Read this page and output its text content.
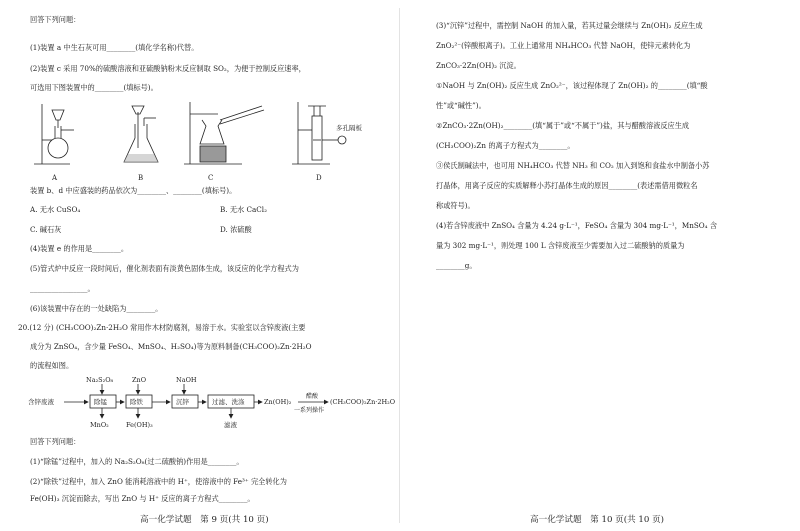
回答下列问题：
(1)装置 a 中生石灰可用________(填化学名称)代替。
(2)装置 c 采用 70%的硫酸溶液和亚硫酸钠粉末反应制取 SO₂，为便于控制反应速率，
可选用下图装置中的________(填标号)。
多孔隔板
A	B	C	D
装置 b、d 中应盛装的药品依次为________、________(填标号)。
A. 无水 CuSO₄	B. 无水 CaCl₂
C. 碱石灰	D. 浓硫酸
(4)装置 e 的作用是________。
(5)管式炉中反应一段时间后，催化剂表面有淡黄色固体生成，该反应的化学方程式为
________________。
(6)该装置中存在的一处缺陷为________。
20.(12 分) (CH₃COO)₂Zn·2H₂O 常用作木材防腐剂，易溶于水。实验室以含锌废液(主要
成分为 ZnSO₄，含少量 FeSO₄、MnSO₄、H₂SO₄)等为原料制备(CH₃COO)₂Zn·2H₂O
的流程如图。
Na₂S₂O₈	ZnO	NaOH
含锌废液	除锰	除铁	沉锌	过滤、洗涤	Zn(OH)₂
醋酸
一系列操作
(CH₃COO)₂Zn·2H₂O
MnO₂	Fe(OH)₃	滤液
回答下列问题：
(1)“除锰”过程中，加入的 Na₂S₂O₈(过二硫酸钠)作用是________。
(2)“除铁”过程中，加入 ZnO 能消耗溶液中的 H⁺，使溶液中的 Fe³⁺ 完全转化为
Fe(OH)₃ 沉淀而除去，写出 ZnO 与 H⁺ 反应的离子方程式________。
高一化学试题　第 9 页(共 10 页)
(3)“沉锌”过程中，需控制 NaOH 的加入量，若其过量会继续与 Zn(OH)₂ 反应生成
ZnO₂²⁻(锌酸根离子)。工业上通常用 NH₄HCO₃ 代替 NaOH，使锌元素转化为
ZnCO₃·2Zn(OH)₂ 沉淀。
①NaOH 与 Zn(OH)₂ 反应生成 ZnO₂²⁻，该过程体现了 Zn(OH)₂ 的________(填“酸
性”或“碱性”)。
②ZnCO₃·2Zn(OH)₂________(填“属于”或“不属于”)盐，其与醋酸溶液反应生成
(CH₃COO)₂Zn 的离子方程式为________。
③侯氏制碱法中，也可用 NH₄HCO₃ 代替 NH₃ 和 CO₂ 加入到饱和食盐水中制备小苏
打晶体，用离子反应的实质解释小苏打晶体生成的原因________(表述需借用微粒名
称或符号)。
(4)若含锌废液中 ZnSO₄ 含量为 4.24 g·L⁻¹，FeSO₄ 含量为 304 mg·L⁻¹，MnSO₄ 含
量为 302 mg·L⁻¹，则处理 100 L 含锌废液至少需要加入过二硫酸钠的质量为
________g。
高一化学试题　第 10 页(共 10 页)
